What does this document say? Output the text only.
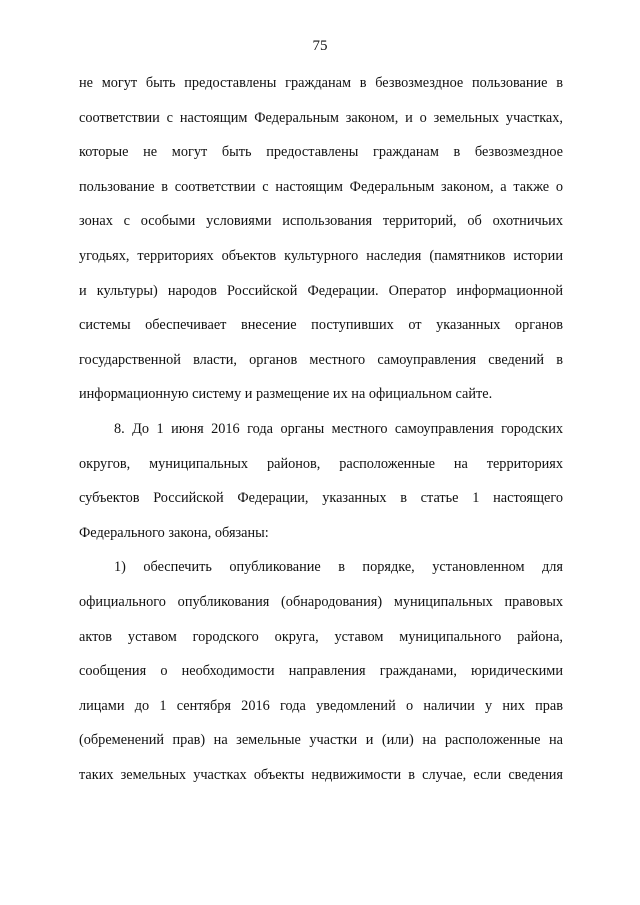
75
не могут быть предоставлены гражданам в безвозмездное пользование в
соответствии с настоящим Федеральным законом, и о земельных участках,
которые не могут быть предоставлены гражданам в безвозмездное
пользование в соответствии с настоящим Федеральным законом, а также о
зонах с особыми условиями использования территорий, об охотничьих
угодьях, территориях объектов культурного наследия (памятников истории
и культуры) народов Российской Федерации. Оператор информационной
системы обеспечивает внесение поступивших от указанных органов
государственной власти, органов местного самоуправления сведений в
информационную систему и размещение их на официальном сайте.
8. До 1 июня 2016 года органы местного самоуправления городских
округов, муниципальных районов, расположенные на территориях
субъектов Российской Федерации, указанных в статье 1 настоящего
Федерального закона, обязаны:
1) обеспечить опубликование в порядке, установленном для
официального опубликования (обнародования) муниципальных правовых
актов уставом городского округа, уставом муниципального района,
сообщения о необходимости направления гражданами, юридическими
лицами до 1 сентября 2016 года уведомлений о наличии у них прав
(обременений прав) на земельные участки и (или) на расположенные на
таких земельных участках объекты недвижимости в случае, если сведения
